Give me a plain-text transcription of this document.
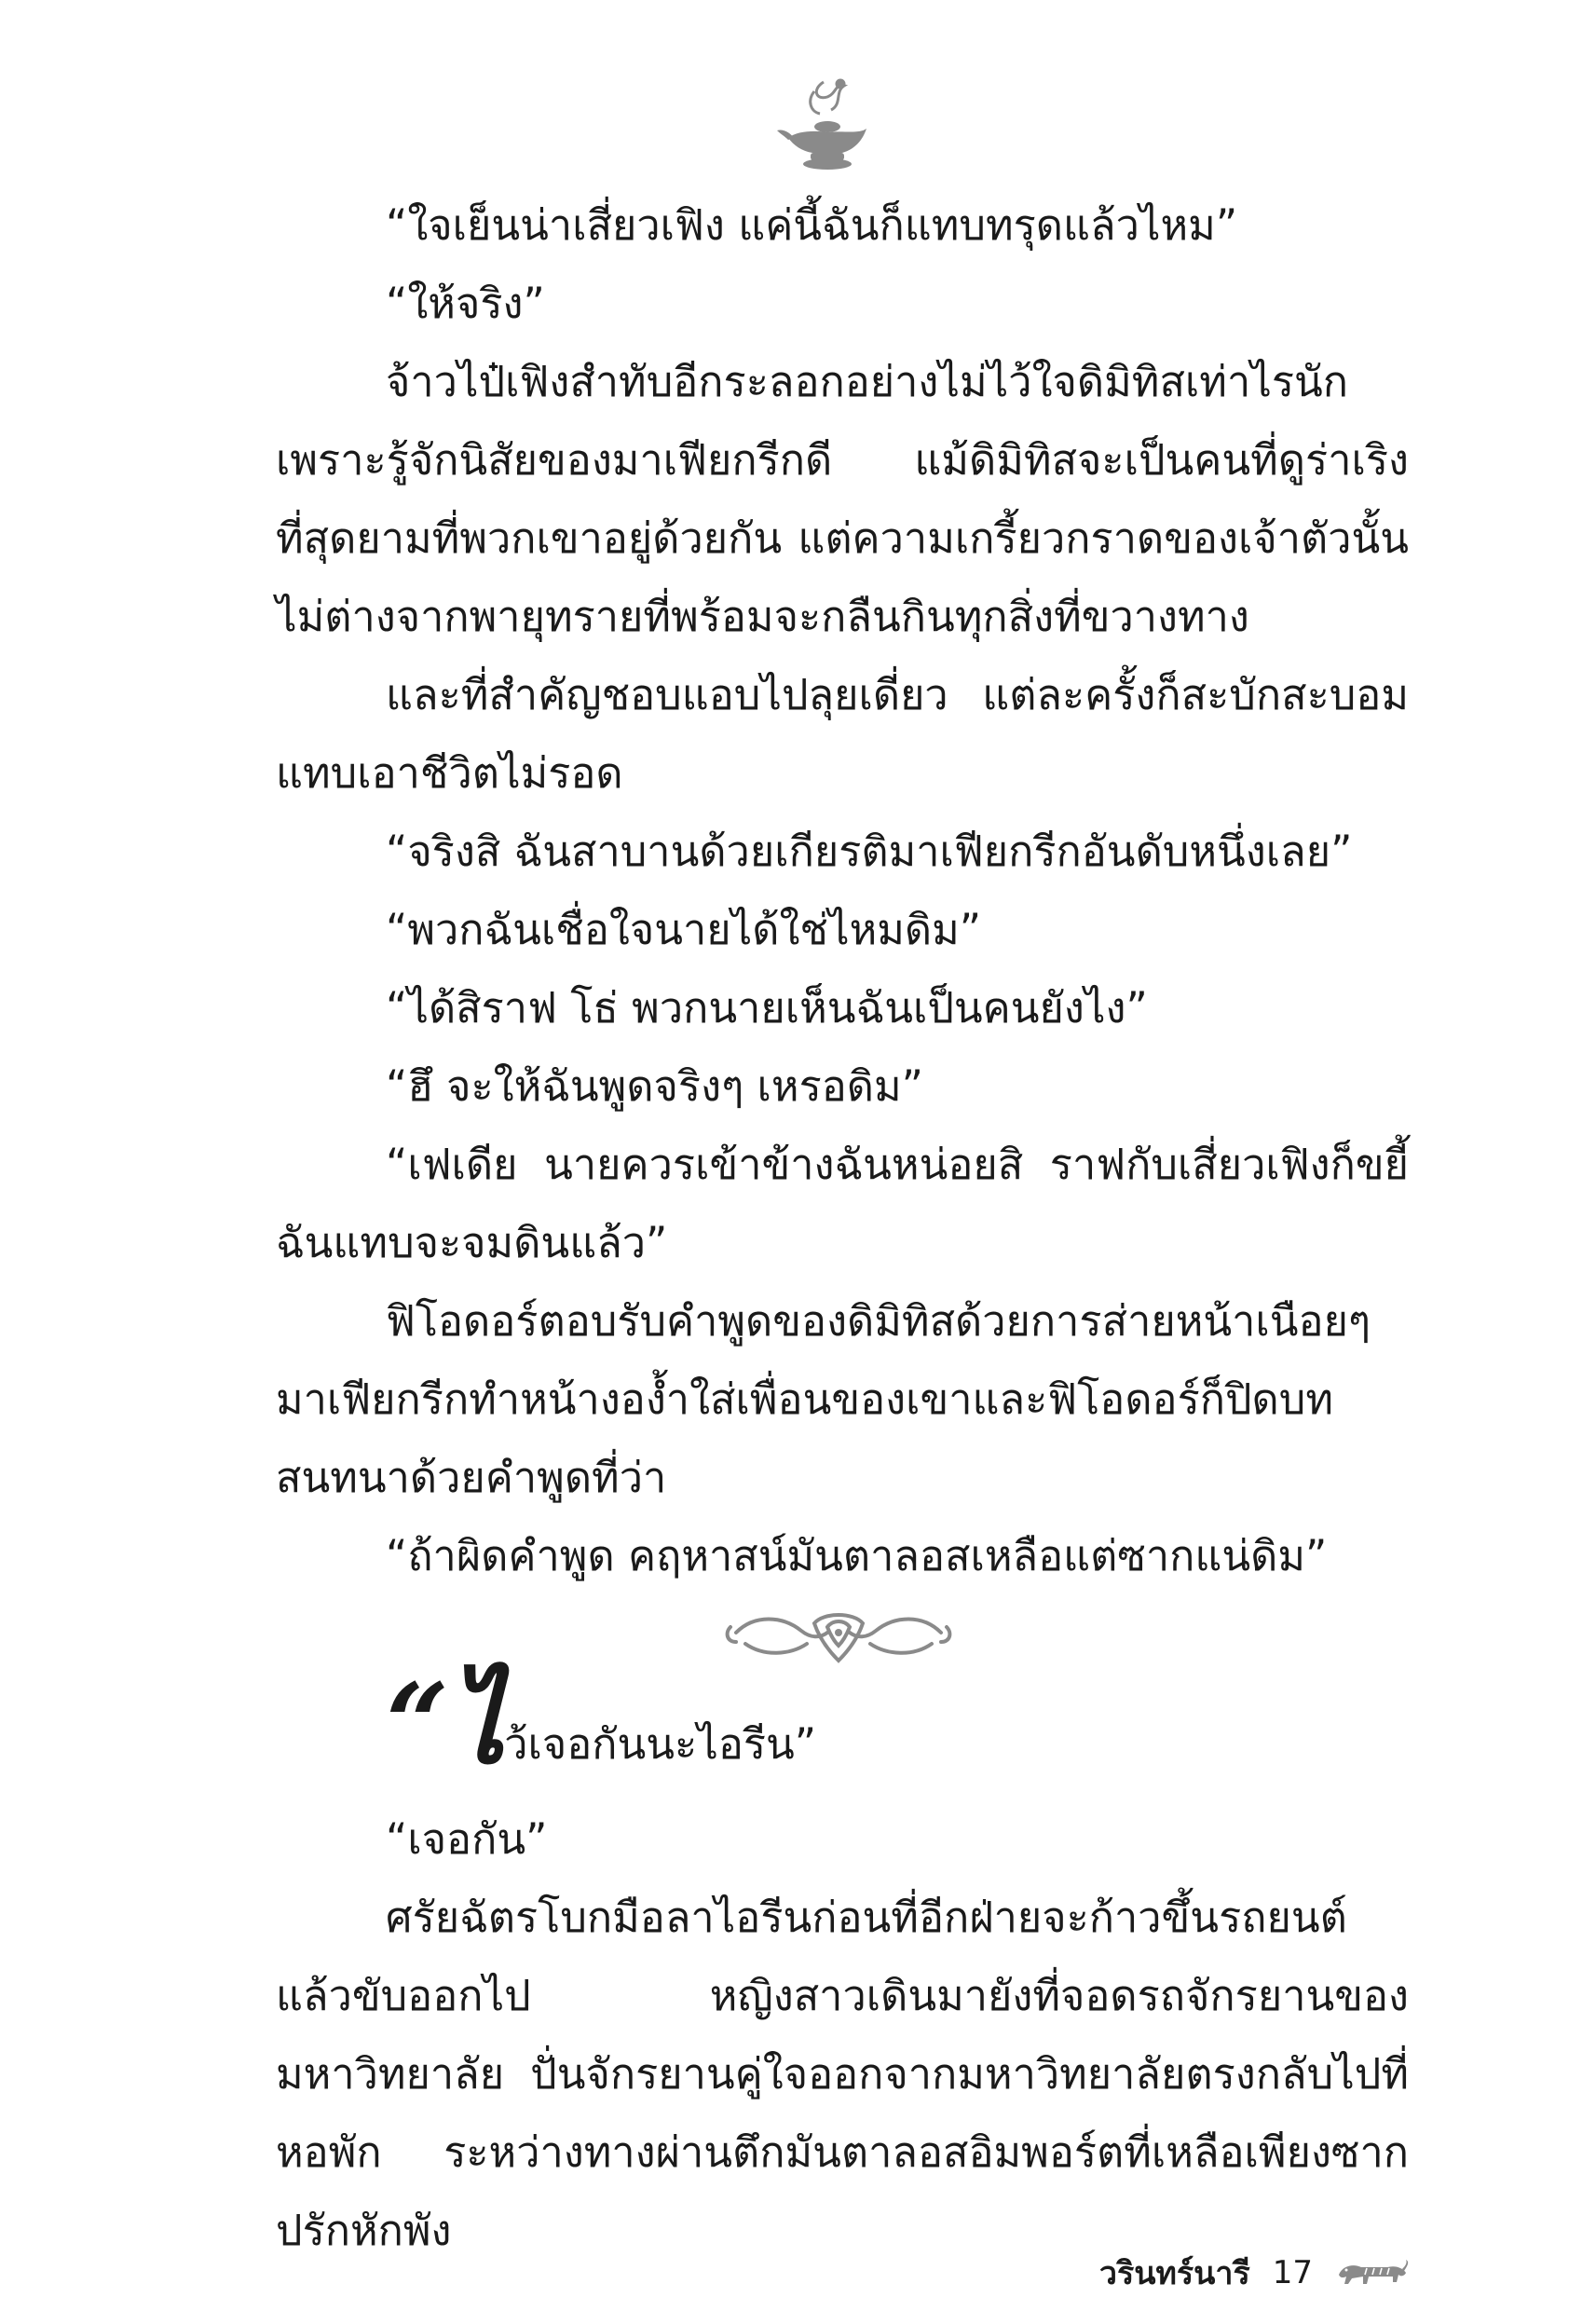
“ใจเย็นน่าเสี่ยวเฟิง แค่นี้ฉันก็แทบทรุดแล้วไหม”

“ให้จริง”

จ้าวไป๋เฟิงสำทับอีกระลอกอย่างไม่ไว้ใจดิมิทิสเท่าไรนัก เพราะรู้จักนิสัยของมาเฟียกรีกดี แม้ดิมิทิสจะเป็นคนที่ดูร่าเริงที่สุดยามที่พวกเขาอยู่ด้วยกัน แต่ความเกรี้ยวกราดของเจ้าตัวนั้นไม่ต่างจากพายุทรายที่พร้อมจะกลืนกินทุกสิ่งที่ขวางทาง

และที่สำคัญชอบแอบไปลุยเดี่ยว แต่ละครั้งก็สะบักสะบอมแทบเอาชีวิตไม่รอด

“จริงสิ ฉันสาบานด้วยเกียรติมาเฟียกรีกอันดับหนึ่งเลย”

“พวกฉันเชื่อใจนายได้ใช่ไหมดิม”

“ได้สิราฟ โธ่ พวกนายเห็นฉันเป็นคนยังไง”

“ฮึ จะให้ฉันพูดจริงๆ เหรอดิม”

“เฟเดีย นายควรเข้าข้างฉันหน่อยสิ ราฟกับเสี่ยวเฟิงก็ขยี้ฉันแทบจะจมดินแล้ว”

ฟิโอดอร์ตอบรับคำพูดของดิมิทิสด้วยการส่ายหน้าเนือยๆ มาเฟียกรีกทำหน้างอง้ำใส่เพื่อนของเขาและฟิโอดอร์ก็ปิดบทสนทนาด้วยคำพูดที่ว่า

“ถ้าผิดคำพูด คฤหาสน์มันตาลอสเหลือแต่ซากแน่ดิม”

“ไว้เจอกันนะไอรีน”

“เจอกัน”

ศรัยฉัตรโบกมือลาไอรีนก่อนที่อีกฝ่ายจะก้าวขึ้นรถยนต์แล้วขับออกไป หญิงสาวเดินมายังที่จอดรถจักรยานของมหาวิทยาลัย ปั่นจักรยานคู่ใจออกจากมหาวิทยาลัยตรงกลับไปที่หอพัก ระหว่างทางผ่านตึกมันตาลอสอิมพอร์ตที่เหลือเพียงซากปรักหักพัง

วรินทร์นารี 17
